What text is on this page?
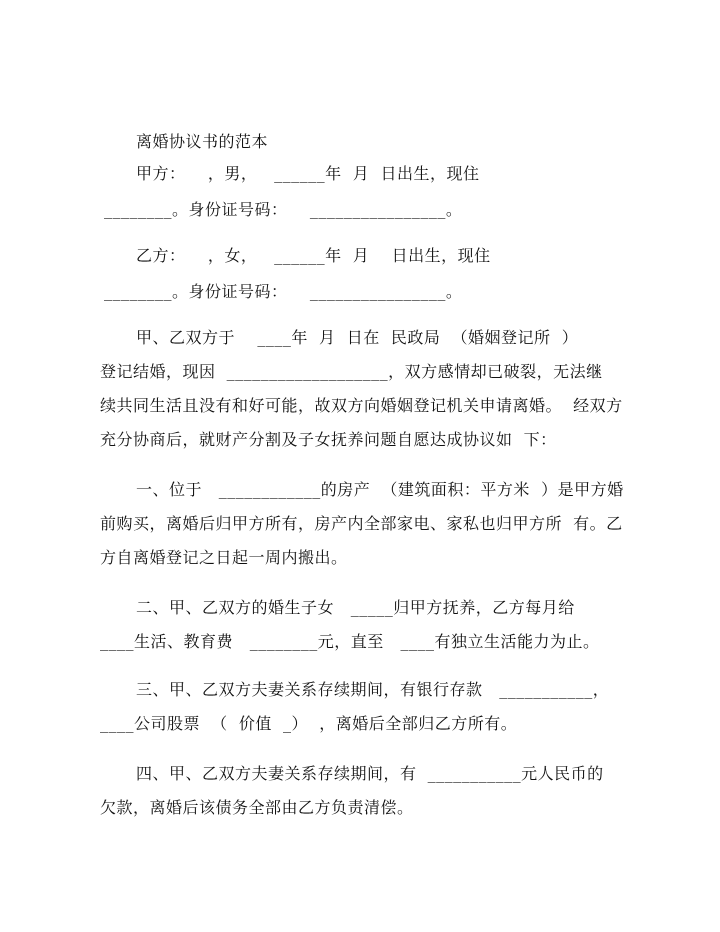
离婚协议书的范本
甲方：    ，男，   ______年  月  日出生，现住
________。身份证号码：    ________________。
乙方：    ，女，   ______年  月    日出生，现住
________。身份证号码：    ________________。
甲、乙双方于    ____年  月  日在  民政局  （婚姻登记所  ）
登记结婚，现因  ___________________，双方感情却已破裂，无法继
续共同生活且没有和好可能，故双方向婚姻登记机关申请离婚。  经双方
充分协商后，就财产分割及子女抚养问题自愿达成协议如  下：
一、位于   ____________的房产  （建筑面积：平方米  ）是甲方婚
前购买，离婚后归甲方所有，房产内全部家电、家私也归甲方所  有。乙
方自离婚登记之日起一周内搬出。
二、甲、乙双方的婚生子女   _____归甲方抚养，乙方每月给
____生活、教育费   ________元，直至   ____有独立生活能力为止。
三、甲、乙双方夫妻关系存续期间，有银行存款   ___________，
____公司股票  （  价值  _）  ，离婚后全部归乙方所有。
四、甲、乙双方夫妻关系存续期间，有  ___________元人民币的
欠款，离婚后该债务全部由乙方负责清偿。
